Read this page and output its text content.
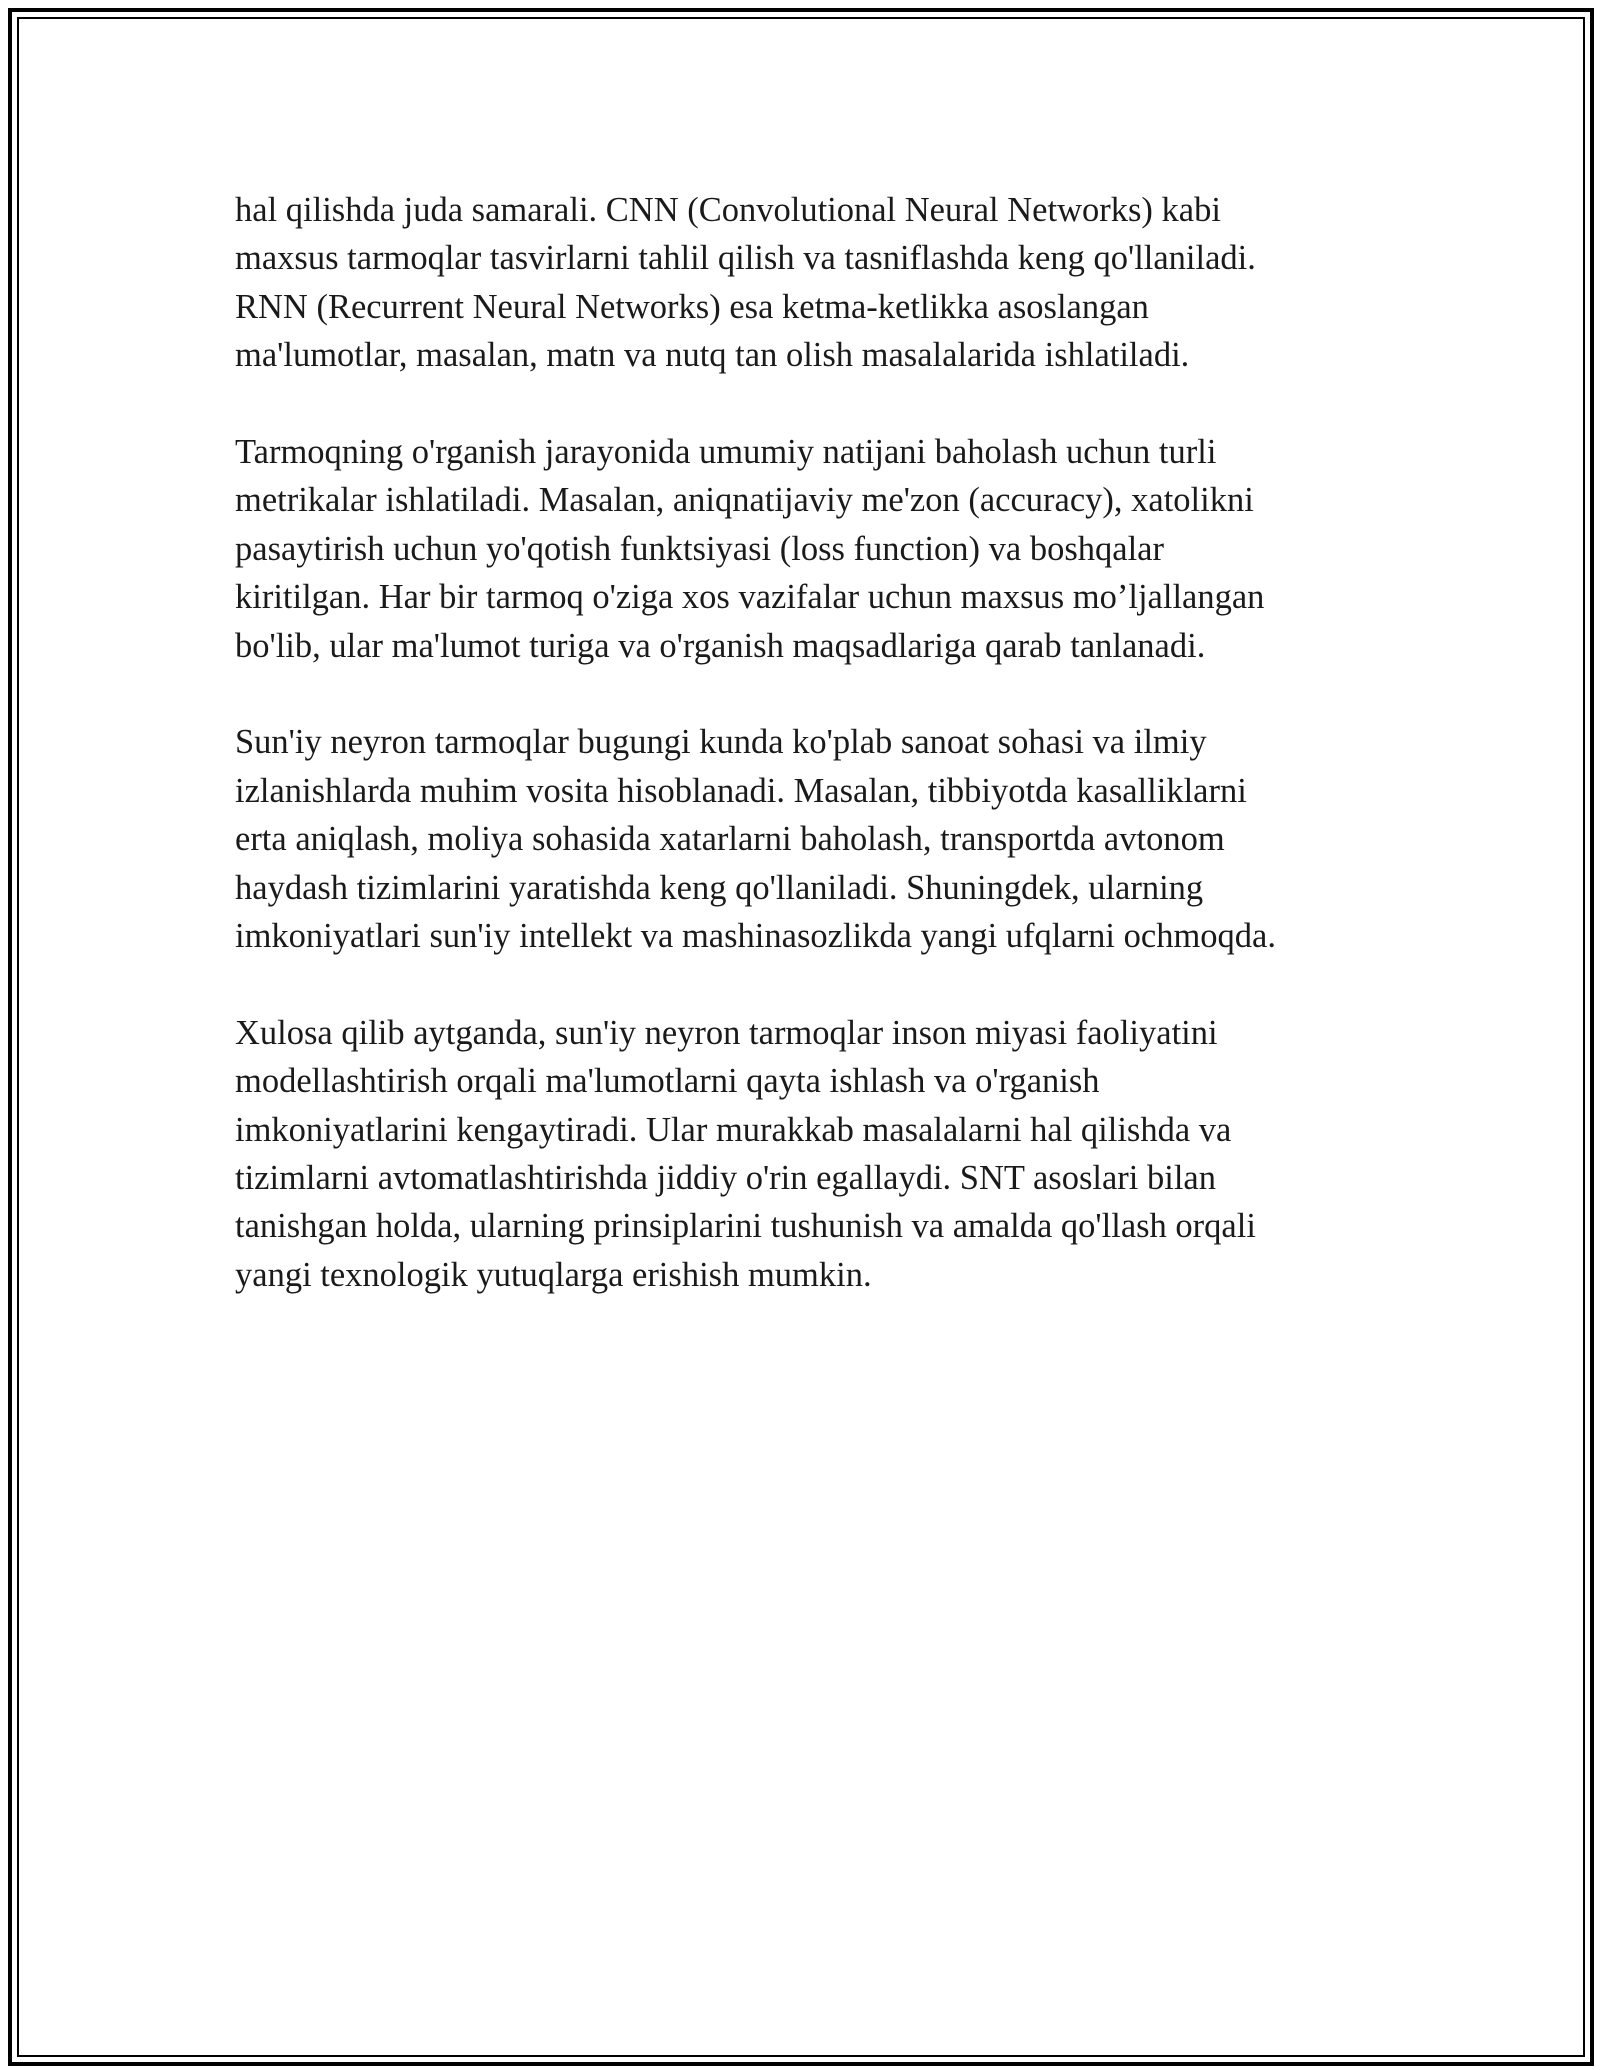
hal qilishda juda samarali. CNN (Convolutional Neural Networks) kabi
maxsus tarmoqlar tasvirlarni tahlil qilish va tasniflashda keng qo'llaniladi.
RNN (Recurrent Neural Networks) esa ketma-ketlikka asoslangan
ma'lumotlar, masalan, matn va nutq tan olish masalalarida ishlatiladi.

Tarmoqning o'rganish jarayonida umumiy natijani baholash uchun turli
metrikalar ishlatiladi. Masalan, aniqnatijaviy me'zon (accuracy), xatolikni
pasaytirish uchun yo'qotish funktsiyasi (loss function) va boshqalar
kiritilgan. Har bir tarmoq o'ziga xos vazifalar uchun maxsus mo’ljallangan
bo'lib, ular ma'lumot turiga va o'rganish maqsadlariga qarab tanlanadi.

Sun'iy neyron tarmoqlar bugungi kunda ko'plab sanoat sohasi va ilmiy
izlanishlarda muhim vosita hisoblanadi. Masalan, tibbiyotda kasalliklarni
erta aniqlash, moliya sohasida xatarlarni baholash, transportda avtonom
haydash tizimlarini yaratishda keng qo'llaniladi. Shuningdek, ularning
imkoniyatlari sun'iy intellekt va mashinasozlikda yangi ufqlarni ochmoqda.

Xulosa qilib aytganda, sun'iy neyron tarmoqlar inson miyasi faoliyatini
modellashtirish orqali ma'lumotlarni qayta ishlash va o'rganish
imkoniyatlarini kengaytiradi. Ular murakkab masalalarni hal qilishda va
tizimlarni avtomatlashtirishda jiddiy o'rin egallaydi. SNT asoslari bilan
tanishgan holda, ularning prinsiplarini tushunish va amalda qo'llash orqali
yangi texnologik yutuqlarga erishish mumkin.
